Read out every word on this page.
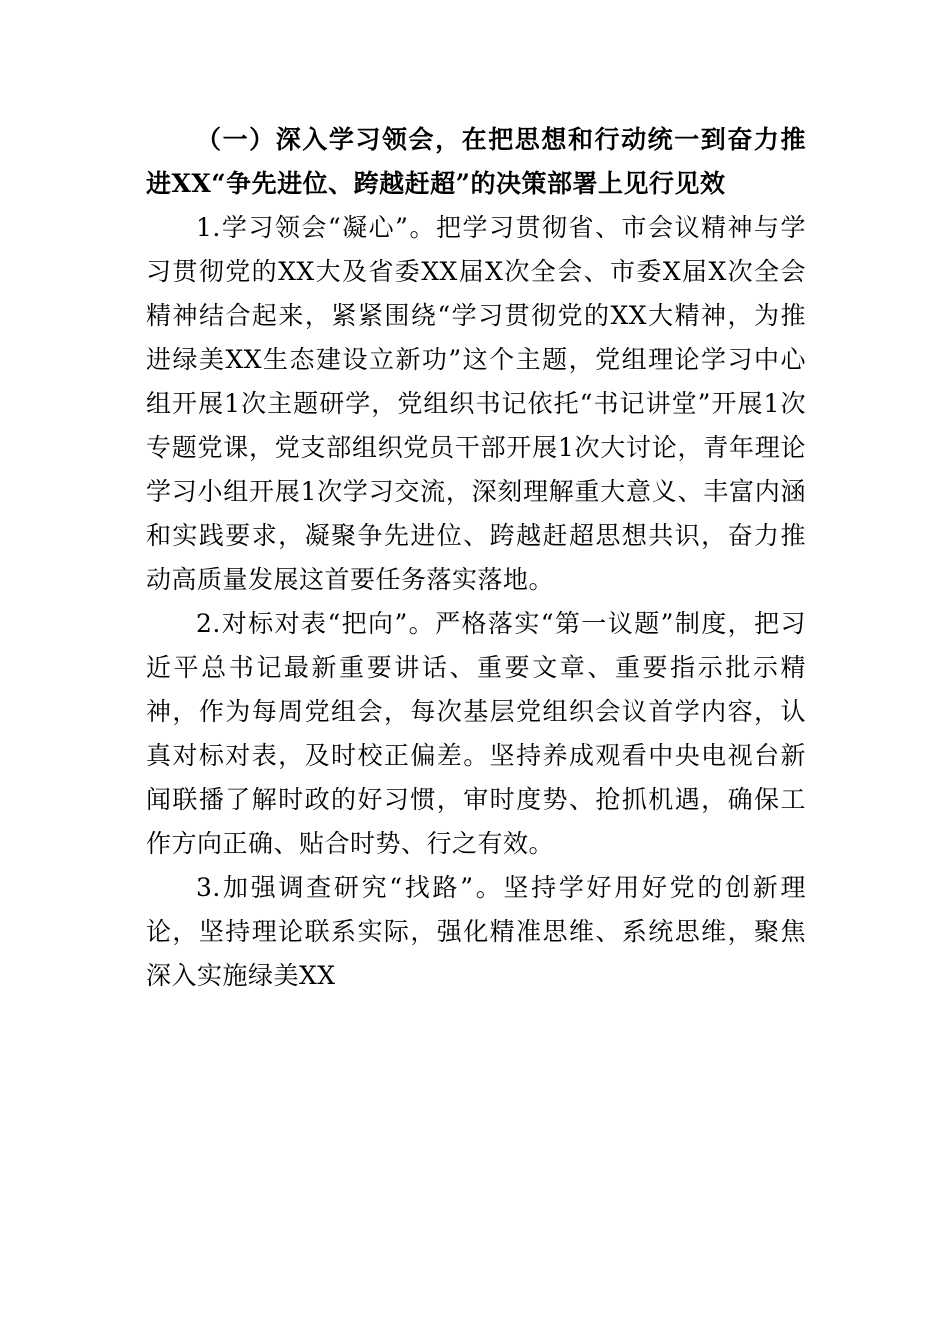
（一）深入学习领会，在把思想和行动统一到奋力推进XX“争先进位、跨越赶超”的决策部署上见行见效

1.学习领会“凝心”。把学习贯彻省、市会议精神与学习贯彻党的XX大及省委XX届X次全会、市委X届X次全会精神结合起来，紧紧围绕“学习贯彻党的XX大精神，为推进绿美XX生态建设立新功”这个主题，党组理论学习中心组开展1次主题研学，党组织书记依托“书记讲堂”开展1次专题党课，党支部组织党员干部开展1次大讨论，青年理论学习小组开展1次学习交流，深刻理解重大意义、丰富内涵和实践要求，凝聚争先进位、跨越赶超思想共识，奋力推动高质量发展这首要任务落实落地。

2.对标对表“把向”。严格落实“第一议题”制度，把习近平总书记最新重要讲话、重要文章、重要指示批示精神，作为每周党组会，每次基层党组织会议首学内容，认真对标对表，及时校正偏差。坚持养成观看中央电视台新闻联播了解时政的好习惯，审时度势、抢抓机遇，确保工作方向正确、贴合时势、行之有效。

3.加强调查研究“找路”。坚持学好用好党的创新理论，坚持理论联系实际，强化精准思维、系统思维，聚焦深入实施绿美XX
